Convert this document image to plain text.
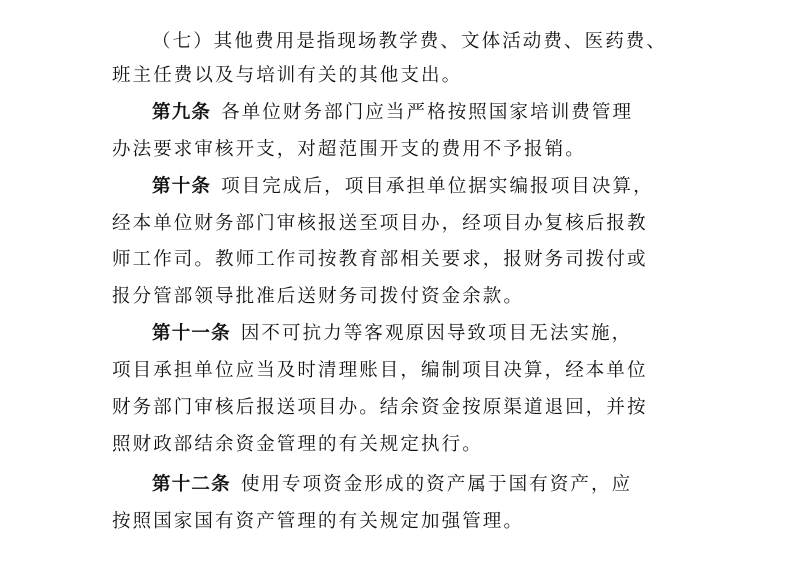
（七）其他费用是指现场教学费、文体活动费、医药费、
班主任费以及与培训有关的其他支出。
第九条 各单位财务部门应当严格按照国家培训费管理
办法要求审核开支，对超范围开支的费用不予报销。
第十条 项目完成后，项目承担单位据实编报项目决算，
经本单位财务部门审核报送至项目办，经项目办复核后报教
师工作司。教师工作司按教育部相关要求，报财务司拨付或
报分管部领导批准后送财务司拨付资金余款。
第十一条 因不可抗力等客观原因导致项目无法实施，
项目承担单位应当及时清理账目，编制项目决算，经本单位
财务部门审核后报送项目办。结余资金按原渠道退回，并按
照财政部结余资金管理的有关规定执行。
第十二条 使用专项资金形成的资产属于国有资产，应
按照国家国有资产管理的有关规定加强管理。
